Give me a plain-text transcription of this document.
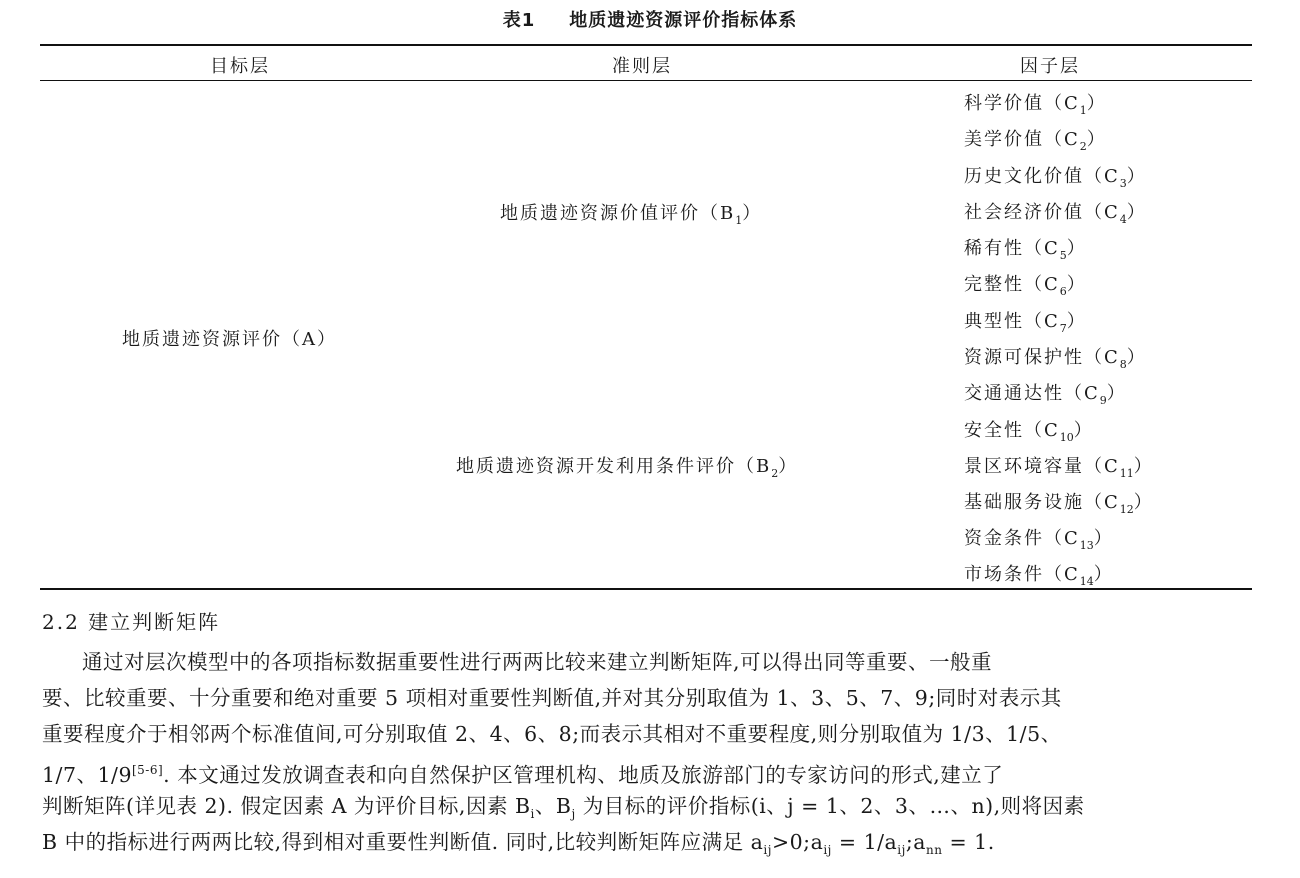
表1 地质遗迹资源评价指标体系
目标层	准则层	因子层
地质遗迹资源评价（A）
地质遗迹资源价值评价$(B_1)$
地质遗迹资源开发利用条件评价$(B_2)$
科学价值$(C_1)$
美学价值$(C_2)$
历史文化价值$(C_3)$
社会经济价值$(C_4)$
稀有性$(C_5)$
完整性$(C_6)$
典型性$(C_7)$
资源可保护性$(C_8)$
交通通达性$(C_9)$
安全性$(C_{10})$
景区环境容量$(C_{11})$
基础服务设施$(C_{12})$
资金条件$(C_{13})$
市场条件$(C_{14})$
2.2 建立判断矩阵
通过对层次模型中的各项指标数据重要性进行两两比较来建立判断矩阵,可以得出同等重要、一般重
要、比较重要、十分重要和绝对重要 5 项相对重要性判断值,并对其分别取值为 1、3、5、7、9;同时对表示其
重要程度介于相邻两个标准值间,可分别取值 2、4、6、8;而表示其相对不重要程度,则分别取值为 1/3、1/5、
1/7、1/9[5-6]. 本文通过发放调查表和向自然保护区管理机构、地质及旅游部门的专家访问的形式,建立了
判断矩阵(详见表 2). 假定因素 A 为评价目标,因素 $B_i$、$B_j$ 为目标的评价指标(i、j = 1、2、3、…、n),则将因素
B 中的指标进行两两比较,得到相对重要性判断值. 同时,比较判断矩阵应满足 $a_{ij}>0;a_{ij}$ = $1/a_{ij};a_{nn} = 1$.
